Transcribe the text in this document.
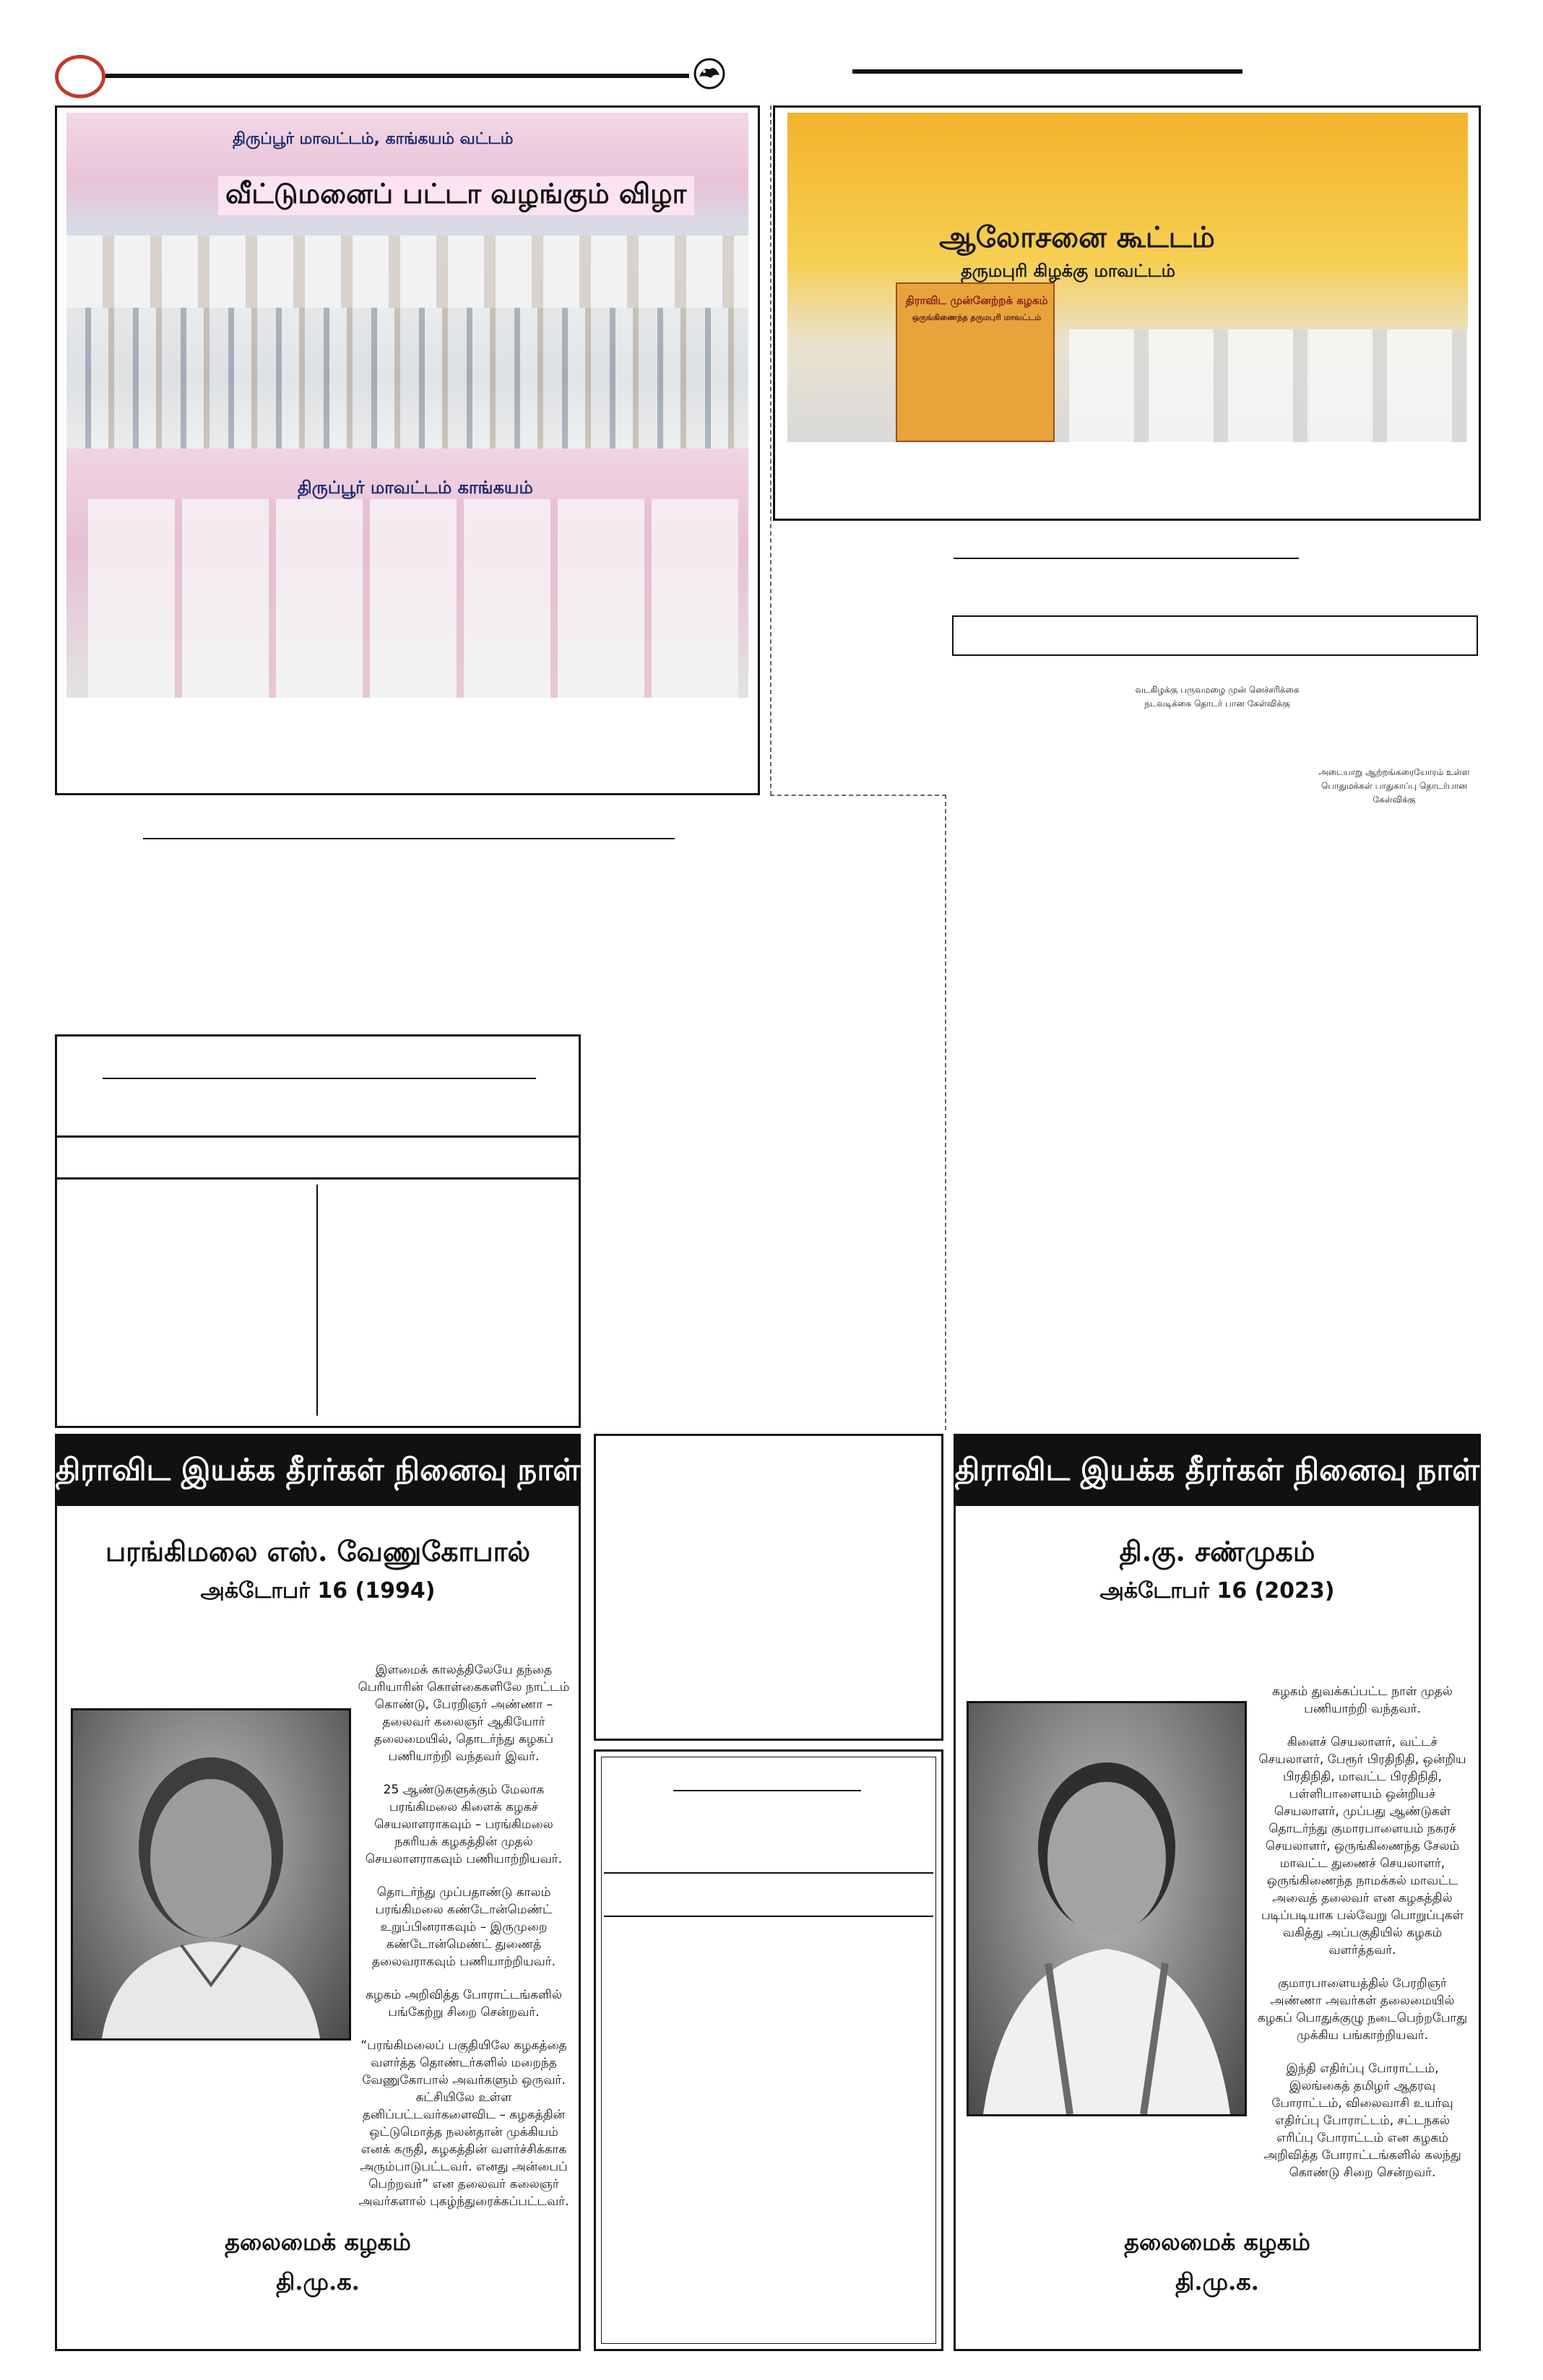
திருப்பூர் மாவட்டம், காங்கயம் வட்டம்
வீட்டுமனைப் பட்டா வழங்கும் விழா
திருப்பூர் மாவட்டம் காங்கயம்
ஆலோசனை கூட்டம்
தருமபுரி கிழக்கு மாவட்டம்
திராவிட முன்னேற்றக் கழகம்
ஒருங்கிணைந்த தருமபுரி மாவட்டம்
வடகிழக்கு பருவமழை முன் னெச்சரிக்கை நடவடிக்கை தொடர் பான கேள்விக்கு
அடையாறு ஆற்றங்கரையோரம் உள்ள பொதுமக்கள் பாதுகாப்பு தொடர்பான கேள்விக்கு
திராவிட இயக்க தீரர்கள் நினைவு நாள்
பரங்கிமலை எஸ். வேணுகோபால்
அக்டோபர் 16 (1994)

இளமைக் காலத்திலேயே தந்தை பெரியாரின் கொள்கைகளிலே நாட்டம் கொண்டு, பேரறிஞர் அண்ணா – தலைவர் கலைஞர் ஆகியோர் தலைமையில், தொடர்ந்து கழகப் பணியாற்றி வந்தவர் இவர்.

25 ஆண்டுகளுக்கும் மேலாக பரங்கிமலை கிளைக் கழகச் செயலாளராகவும் – பரங்கிமலை நகரியக் கழகத்தின் முதல் செயலாளராகவும் பணியாற்றியவர்.

தொடர்ந்து முப்பதாண்டு காலம் பரங்கிமலை கண்டோன்மெண்ட் உறுப்பினராகவும் – இருமுறை கண்டோன்மெண்ட் துணைத் தலைவராகவும் பணியாற்றியவர்.

கழகம் அறிவித்த போராட்டங்களில் பங்கேற்று சிறை சென்றவர்.

“பரங்கிமலைப் பகுதியிலே கழகத்தை வளர்த்த தொண்டர்களில் மறைந்த வேணுகோபால் அவர்களும் ஒருவர். கட்சியிலே உள்ள தனிப்பட்டவர்களைவிட – கழகத்தின் ஒட்டுமொத்த நலன்தான் முக்கியம் எனக் கருதி, கழகத்தின் வளர்ச்சிக்காக அரும்பாடுபட்டவர். எனது அன்பைப் பெற்றவர்” என தலைவர் கலைஞர் அவர்களால் புகழ்ந்துரைக்கப்பட்டவர்.

தலைமைக் கழகம்
தி.மு.க.
திராவிட இயக்க தீரர்கள் நினைவு நாள்
தி.கு. சண்முகம்
அக்டோபர் 16 (2023)

கழகம் துவக்கப்பட்ட நாள் முதல் பணியாற்றி வந்தவர்.

கிளைச் செயலாளர், வட்டச் செயலாளர், பேரூர் பிரதிநிதி, ஒன்றிய பிரதிநிதி, மாவட்ட பிரதிநிதி, பள்ளிபாளையம் ஒன்றியச் செயலாளர், முப்பது ஆண்டுகள் தொடர்ந்து குமாரபாளையம் நகரச் செயலாளர், ஒருங்கிணைந்த சேலம் மாவட்ட துணைச் செயலாளர், ஒருங்கிணைந்த நாமக்கல் மாவட்ட அவைத் தலைவர் என கழகத்தில் படிப்படியாக பல்வேறு பொறுப்புகள் வகித்து அப்பகுதியில் கழகம் வளர்த்தவர்.

குமாரபாளையத்தில் பேரறிஞர் அண்ணா அவர்கள் தலைமையில் கழகப் பொதுக்குழு நடைபெற்றபோது முக்கிய பங்காற்றியவர்.

இந்தி எதிர்ப்பு போராட்டம், இலங்கைத் தமிழர் ஆதரவு போராட்டம், விலைவாசி உயர்வு எதிர்ப்பு போராட்டம், சட்டநகல் எரிப்பு போராட்டம் என கழகம் அறிவித்த போராட்டங்களில் கலந்து கொண்டு சிறை சென்றவர்.

தலைமைக் கழகம்
தி.மு.க.
